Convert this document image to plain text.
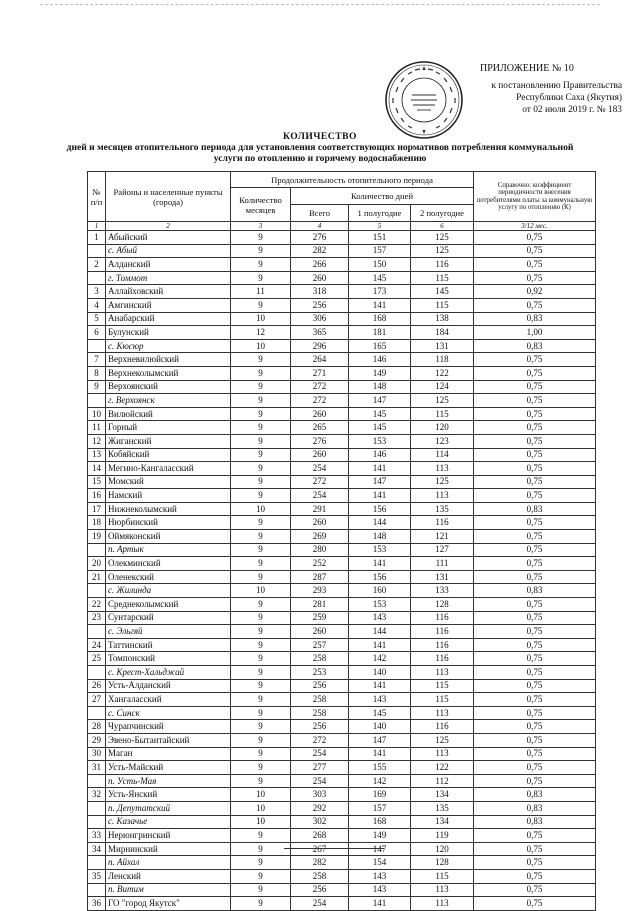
ПРИЛОЖЕНИЕ № 10
к постановлению Правительства
Республики Саха (Якутия)
от 02 июля 2019 г. № 183
КОЛИЧЕСТВО
дней и месяцев отопительного периода для установления соответствующих нормативов потребления коммунальной
услуги по отоплению и горячему водоснабжению
№ п/п	Районы и населенные пункты (города)	Продолжительность отопительного периода				Справочно: коэффициент периодичности внесения потребителями платы за коммунальную услугу по отоплению (К)
		Количество месяцев	Количество дней			
			Всего	1 полугодие	2 полугодие	
1	2	3	4	5	6	3/12 мес.
1	Абыйский	9	276	151	125	0,75
	с. Абый	9	282	157	125	0,75
2	Алданский	9	266	150	116	0,75
	г. Томмот	9	260	145	115	0,75
3	Аллайховский	11	318	173	145	0,92
4	Амгинский	9	256	141	115	0,75
5	Анабарский	10	306	168	138	0,83
6	Булунский	12	365	181	184	1,00
	с. Кюсюр	10	296	165	131	0,83
7	Верхневилюйский	9	264	146	118	0,75
8	Верхнеколымский	9	271	149	122	0,75
9	Верхоянский	9	272	148	124	0,75
	г. Верхоянск	9	272	147	125	0,75
10	Вилюйский	9	260	145	115	0,75
11	Горный	9	265	145	120	0,75
12	Жиганский	9	276	153	123	0,75
13	Кобяйский	9	260	146	114	0,75
14	Мегино-Кангаласский	9	254	141	113	0,75
15	Момский	9	272	147	125	0,75
16	Намский	9	254	141	113	0,75
17	Нижнеколымский	10	291	156	135	0,83
18	Нюрбинский	9	260	144	116	0,75
19	Оймяконский	9	269	148	121	0,75
	п. Артык	9	280	153	127	0,75
20	Олекминский	9	252	141	111	0,75
21	Оленекский	9	287	156	131	0,75
	с. Жилинда	10	293	160	133	0,83
22	Среднеколымский	9	281	153	128	0,75
23	Сунтарский	9	259	143	116	0,75
	с. Эльгяй	9	260	144	116	0,75
24	Таттинский	9	257	141	116	0,75
25	Томпонский	9	258	142	116	0,75
	с. Крест-Хальджай	9	253	140	113	0,75
26	Усть-Алданский	9	256	141	115	0,75
27	Хангаласский	9	258	143	115	0,75
	с. Синск	9	258	145	113	0,75
28	Чурапчинский	9	256	140	116	0,75
29	Эвено-Бытантайский	9	272	147	125	0,75
30	Маган	9	254	141	113	0,75
31	Усть-Майский	9	277	155	122	0,75
	п. Усть-Мая	9	254	142	112	0,75
32	Усть-Янский	10	303	169	134	0,83
	п. Депутатский	10	292	157	135	0,83
	с. Казачье	10	302	168	134	0,83
33	Нерюнгринский	9	268	149	119	0,75
34	Мирнинский	9	267	147	120	0,75
	п. Айхал	9	282	154	128	0,75
35	Ленский	9	258	143	115	0,75
	п. Витим	9	256	143	113	0,75
36	ГО "город Якутск"	9	254	141	113	0,75
